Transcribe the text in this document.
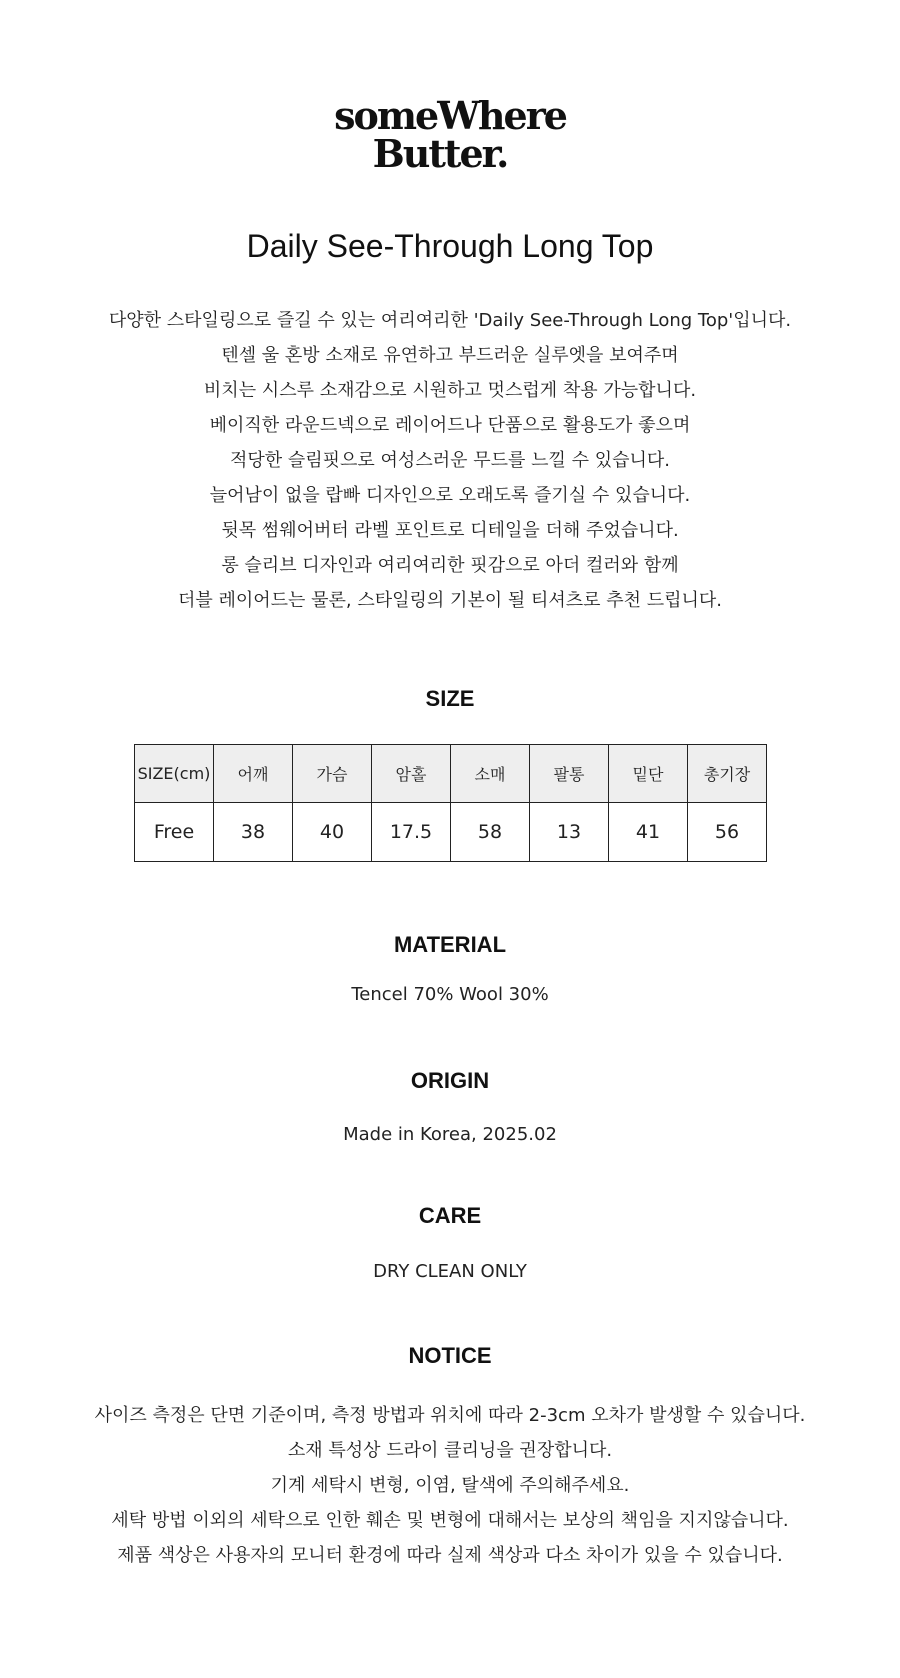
someWhere
Butter.
Daily See-Through Long Top
다양한 스타일링으로 즐길 수 있는 여리여리한 'Daily See-Through Long Top'입니다.
텐셀 울 혼방 소재로 유연하고 부드러운 실루엣을 보여주며
비치는 시스루 소재감으로 시원하고 멋스럽게 착용 가능합니다.
베이직한 라운드넥으로 레이어드나 단품으로 활용도가 좋으며
적당한 슬림핏으로 여성스러운 무드를 느낄 수 있습니다.
늘어남이 없을 랍빠 디자인으로 오래도록 즐기실 수 있습니다.
뒷목 썸웨어버터 라벨 포인트로 디테일을 더해 주었습니다.
롱 슬리브 디자인과 여리여리한 핏감으로 아더 컬러와 함께
더블 레이어드는 물론, 스타일링의 기본이 될 티셔츠로 추천 드립니다.
SIZE
SIZE(cm)	어깨	가슴	암홀	소매	팔통	밑단	총기장
Free	38	40	17.5	58	13	41	56
MATERIAL
Tencel 70% Wool 30%
ORIGIN
Made in Korea, 2025.02
CARE
DRY CLEAN ONLY
NOTICE
사이즈 측정은 단면 기준이며, 측정 방법과 위치에 따라 2-3cm 오차가 발생할 수 있습니다.
소재 특성상 드라이 클리닝을 권장합니다.
기계 세탁시 변형, 이염, 탈색에 주의해주세요.
세탁 방법 이외의 세탁으로 인한 훼손 및 변형에 대해서는 보상의 책임을 지지않습니다.
제품 색상은 사용자의 모니터 환경에 따라 실제 색상과 다소 차이가 있을 수 있습니다.
